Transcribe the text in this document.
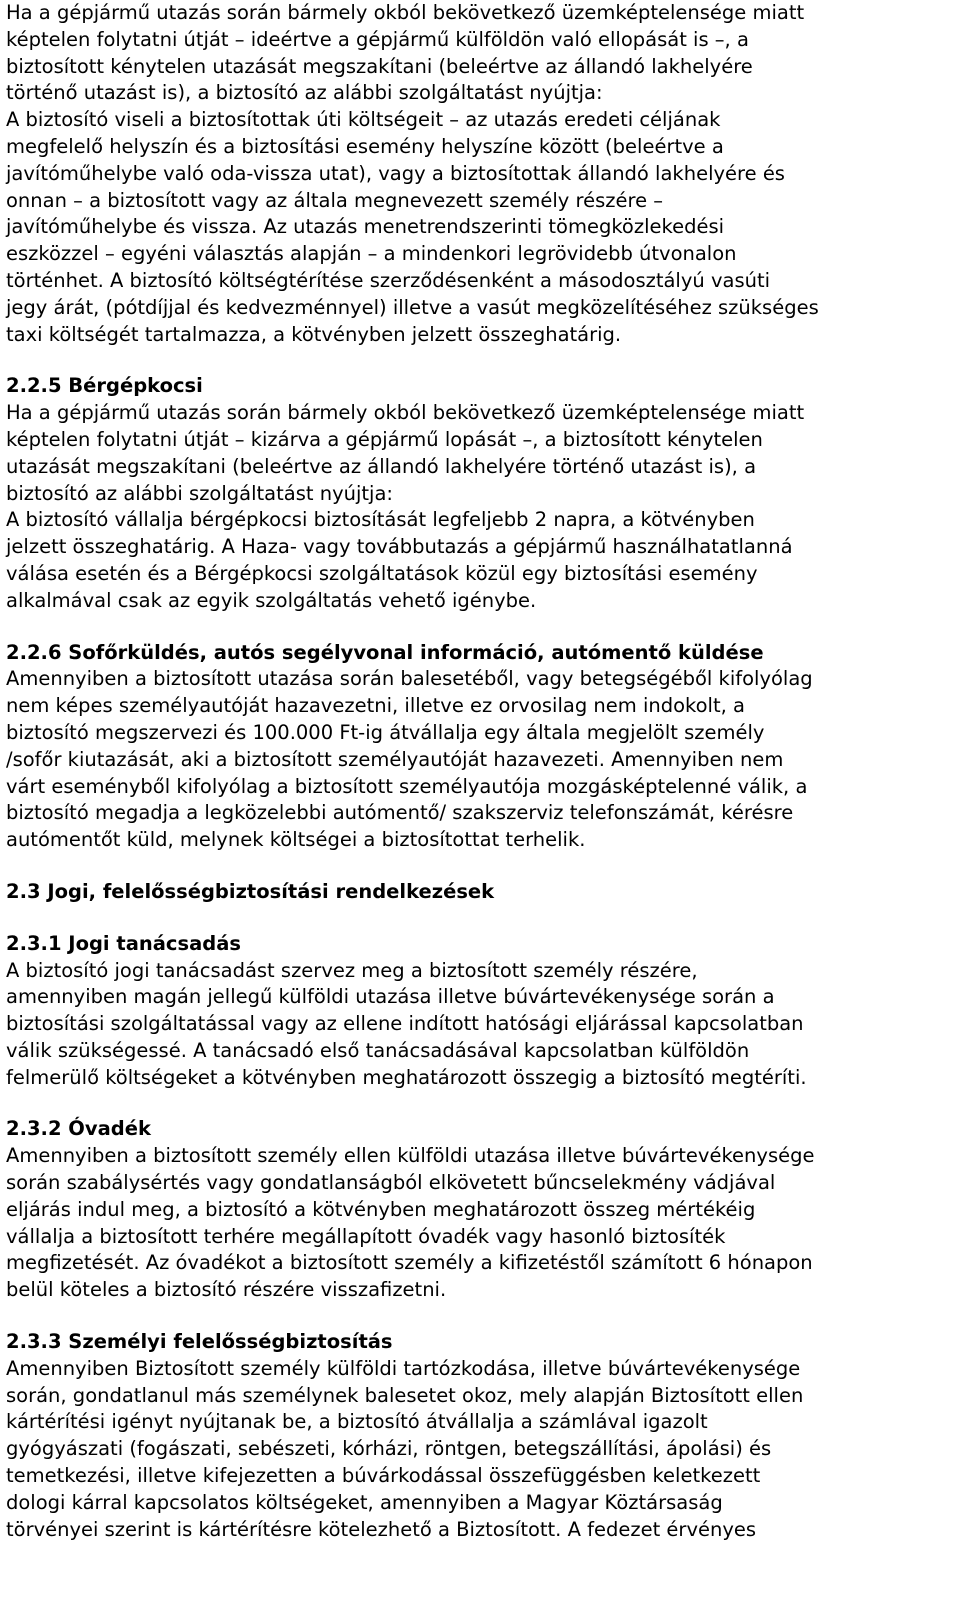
Ha a gépjármű utazás során bármely okból bekövetkező üzemképtelensége miatt
képtelen folytatni útját – ideértve a gépjármű külföldön való ellopását is –, a
biztosított kénytelen utazását megszakítani (beleértve az állandó lakhelyére
történő utazást is), a biztosító az alábbi szolgáltatást nyújtja:
A biztosító viseli a biztosítottak úti költségeit – az utazás eredeti céljának
megfelelő helyszín és a biztosítási esemény helyszíne között (beleértve a
javítóműhelybe való oda-vissza utat), vagy a biztosítottak állandó lakhelyére és
onnan – a biztosított vagy az általa megnevezett személy részére –
javítóműhelybe és vissza. Az utazás menetrendszerinti tömegközlekedési
eszközzel – egyéni választás alapján – a mindenkori legrövidebb útvonalon
történhet. A biztosító költségtérítése szerződésenként a másodosztályú vasúti
jegy árát, (pótdíjjal és kedvezménnyel) illetve a vasút megközelítéséhez szükséges
taxi költségét tartalmazza, a kötvényben jelzett összeghatárig.
2.2.5 Bérgépkocsi
Ha a gépjármű utazás során bármely okból bekövetkező üzemképtelensége miatt
képtelen folytatni útját – kizárva a gépjármű lopását –, a biztosított kénytelen
utazását megszakítani (beleértve az állandó lakhelyére történő utazást is), a
biztosító az alábbi szolgáltatást nyújtja:
A biztosító vállalja bérgépkocsi biztosítását legfeljebb 2 napra, a kötvényben
jelzett összeghatárig. A Haza- vagy továbbutazás a gépjármű használhatatlanná
válása esetén és a Bérgépkocsi szolgáltatások közül egy biztosítási esemény
alkalmával csak az egyik szolgáltatás vehető igénybe.
2.2.6 Sofőrküldés, autós segélyvonal információ, autómentő küldése
Amennyiben a biztosított utazása során balesetéből, vagy betegségéből kifolyólag
nem képes személyautóját hazavezetni, illetve ez orvosilag nem indokolt, a
biztosító megszervezi és 100.000 Ft-ig átvállalja egy általa megjelölt személy
/sofőr kiutazását, aki a biztosított személyautóját hazavezeti. Amennyiben nem
várt eseményből kifolyólag a biztosított személyautója mozgásképtelenné válik, a
biztosító megadja a legközelebbi autómentő/ szakszerviz telefonszámát, kérésre
autómentőt küld, melynek költségei a biztosítottat terhelik.
2.3 Jogi, felelősségbiztosítási rendelkezések
2.3.1 Jogi tanácsadás
A biztosító jogi tanácsadást szervez meg a biztosított személy részére,
amennyiben magán jellegű külföldi utazása illetve búvártevékenysége során a
biztosítási szolgáltatással vagy az ellene indított hatósági eljárással kapcsolatban
válik szükségessé. A tanácsadó első tanácsadásával kapcsolatban külföldön
felmerülő költségeket a kötvényben meghatározott összegig a biztosító megtéríti.
2.3.2 Óvadék
Amennyiben a biztosított személy ellen külföldi utazása illetve búvártevékenysége
során szabálysértés vagy gondatlanságból elkövetett bűncselekmény vádjával
eljárás indul meg, a biztosító a kötvényben meghatározott összeg mértékéig
vállalja a biztosított terhére megállapított óvadék vagy hasonló biztosíték
megfizetését. Az óvadékot a biztosított személy a kifizetéstől számított 6 hónapon
belül köteles a biztosító részére visszafizetni.
2.3.3 Személyi felelősségbiztosítás
Amennyiben Biztosított személy külföldi tartózkodása, illetve búvártevékenysége
során, gondatlanul más személynek balesetet okoz, mely alapján Biztosított ellen
kártérítési igényt nyújtanak be, a biztosító átvállalja a számlával igazolt
gyógyászati (fogászati, sebészeti, kórházi, röntgen, betegszállítási, ápolási) és
temetkezési, illetve kifejezetten a búvárkodással összefüggésben keletkezett
dologi kárral kapcsolatos költségeket, amennyiben a Magyar Köztársaság
törvényei szerint is kártérítésre kötelezhető a Biztosított. A fedezet érvényes
